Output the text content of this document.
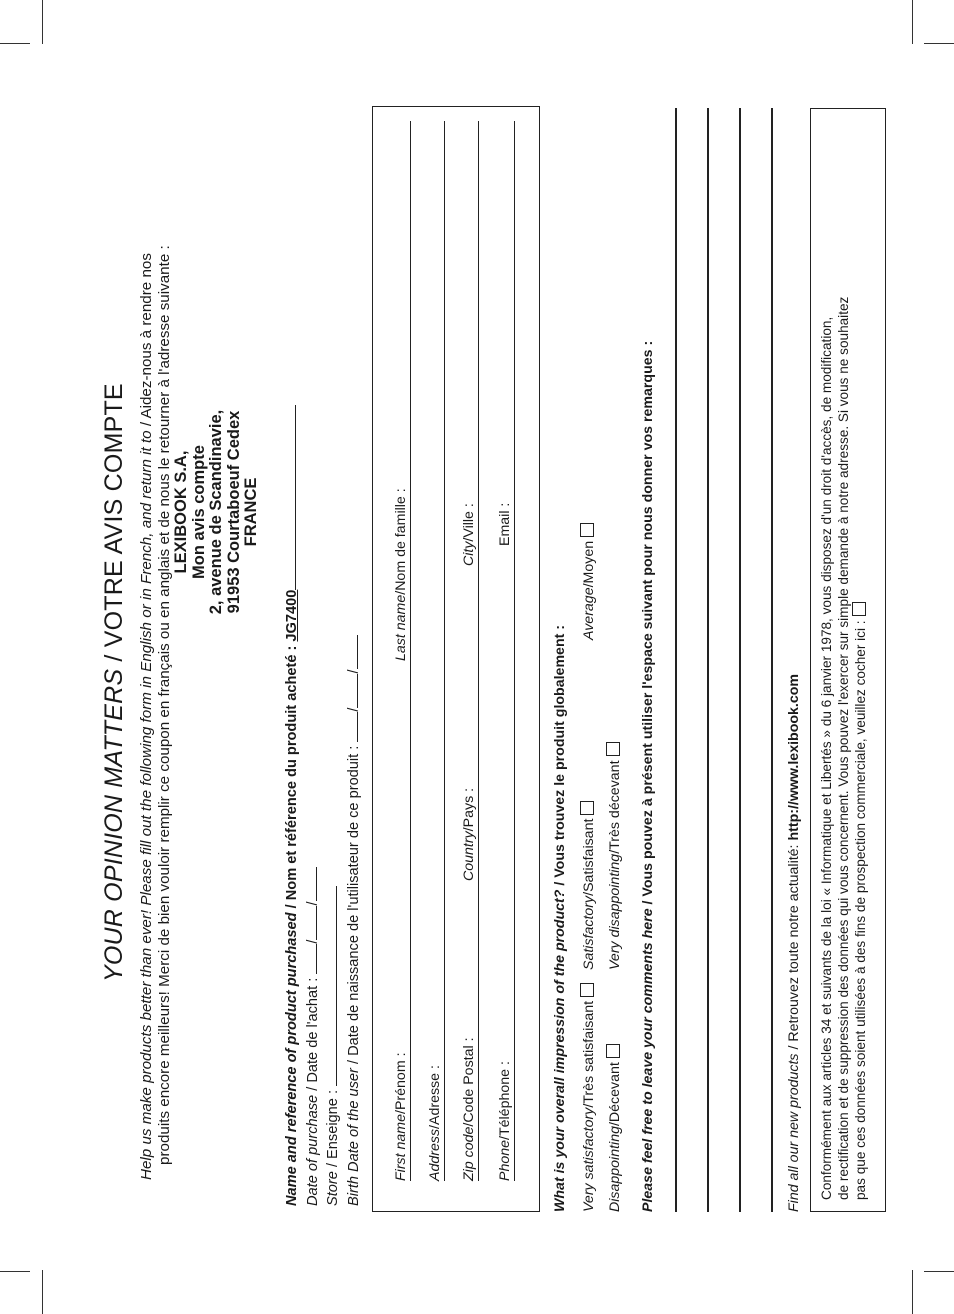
YOUR OPINION MATTERS / VOTRE AVIS COMPTE Help us make products better than ever! Please fill out the following form in English or in French, and return it to / Aidez-nous à rendre nos produits encore meilleurs! Merci de bien vouloir remplir ce coupon en français ou en anglais et de nous le retourner à l'adresse suivante : LEXIBOOK S.A, Mon avis compte 2, avenue de Scandinavie, 91953 Courtaboeuf Cedex FRANCE
Name and reference of product purchased / Nom et référence du produit acheté : JG7400
Date of purchase / Date de l'achat : //
Store / Enseigne : Birth Date of the user / Date de naissance de l'utilisateur de ce produit : //
First name/Prénom :
Last name/Nom de famille :
Address/Adresse :
Zip code/Code Postal :
Country/Pays :
City/Ville :
Phone/Téléphone :
Email :
What is your overall impression of the product? / Vous trouvez le produit globalement :
Very satisfactory/Très satisfaisant
Satisfactory/Satisfaisant
Average/Moyen
Disappointing/Décevant
Very disappointing/Très décevant
Please feel free to leave your comments here / Vous pouvez à présent utiliser l'espace suivant pour nous donner vos remarques :
Find all our new products / Retrouvez toute notre actualité: http://www.lexibook.com Conformément aux articles 34 et suivants de la loi « Informatique et Libertés » du 6 janvier 1978, vous disposez d'un droit d'accès, de modification, de rectification et de suppression des données qui vous concernent. Vous pouvez l'exercer sur simple demande à notre adresse. Si vous ne souhaitez pas que ces données soient utilisées à des fins de prospection commerciale, veuillez cocher ici :
